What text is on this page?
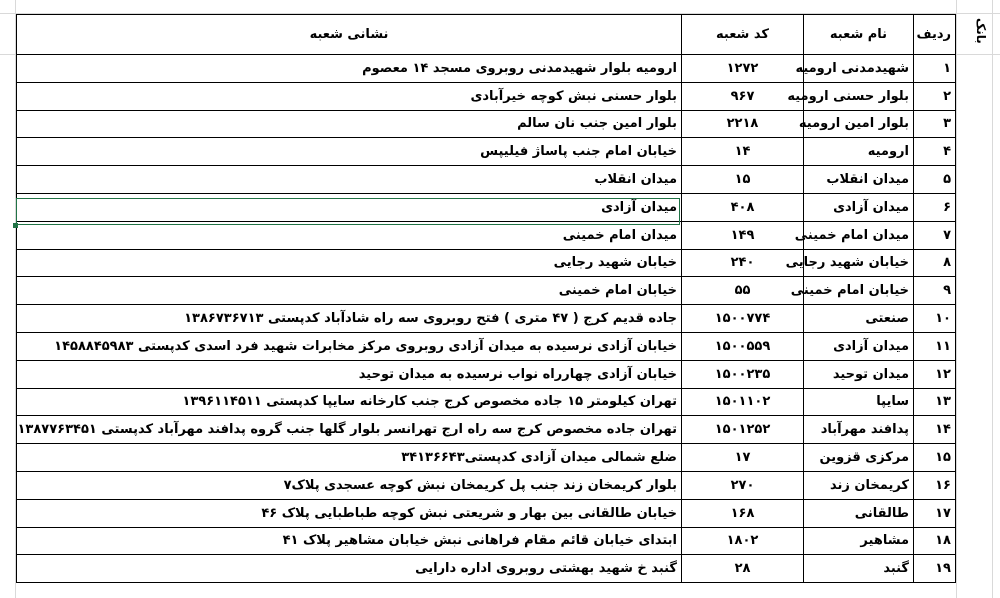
بانک
ردیف	نام شعبه	کد شعبه	نشانی شعبه
۱	شهیدمدنی ارومیه	۱۲۷۲	ارومیه بلوار شهیدمدنی روبروی مسجد ۱۴ معصوم
۲	بلوار حسنی ارومیه	۹۶۷	بلوار حسنی نبش کوچه خیرآبادی
۳	بلوار امین ارومیه	۲۲۱۸	بلوار امین جنب نان سالم
۴	ارومیه	۱۴	خیابان امام جنب پاساژ فیلیپس
۵	میدان انقلاب	۱۵	میدان انقلاب
۶	میدان آزادی	۴۰۸	میدان آزادی
۷	میدان امام خمینی	۱۴۹	میدان امام خمینی
۸	خیابان شهید رجایی	۲۴۰	خیابان شهید رجایی
۹	خیابان امام خمینی	۵۵	خیابان امام خمینی
۱۰	صنعتی	۱۵۰۰۷۷۴	جاده قدیم کرج ( ۴۷ متری ) فتح روبروی سه راه شادآباد کدپستی ۱۳۸۶۷۳۶۷۱۳
۱۱	میدان آزادی	۱۵۰۰۵۵۹	خیابان آزادی نرسیده به میدان آزادی روبروی مرکز مخابرات شهید فرد اسدی کدپستی ۱۴۵۸۸۴۵۹۸۳
۱۲	میدان توحید	۱۵۰۰۲۳۵	خیابان آزادی چهارراه نواب نرسیده به میدان توحید
۱۳	سایپا	۱۵۰۱۱۰۲	تهران کیلومتر ۱۵ جاده مخصوص کرج جنب کارخانه سایپا کدپستی ۱۳۹۶۱۱۴۵۱۱
۱۴	پدافند مهرآباد	۱۵۰۱۲۵۲	تهران جاده مخصوص کرج سه راه ارج تهرانسر بلوار گلها جنب گروه پدافند مهرآباد کدپستی ۱۳۸۷۷۶۳۴۵۱
۱۵	مرکزی قزوین	۱۷	ضلع شمالی میدان آزادی کدپستی۳۴۱۳۶۶۴۳
۱۶	کریمخان زند	۲۷۰	بلوار کریمخان زند جنب پل کریمخان نبش کوچه عسجدی پلاک۷
۱۷	طالقانی	۱۶۸	خیابان طالقانی بین بهار و شریعتی نبش کوچه طباطبایی پلاک ۴۶
۱۸	مشاهیر	۱۸۰۲	ابتدای خیابان قائم مقام فراهانی نبش خیابان مشاهیر پلاک ۴۱
۱۹	گنبد	۲۸	گنبد خ شهید بهشتی روبروی اداره دارایی
